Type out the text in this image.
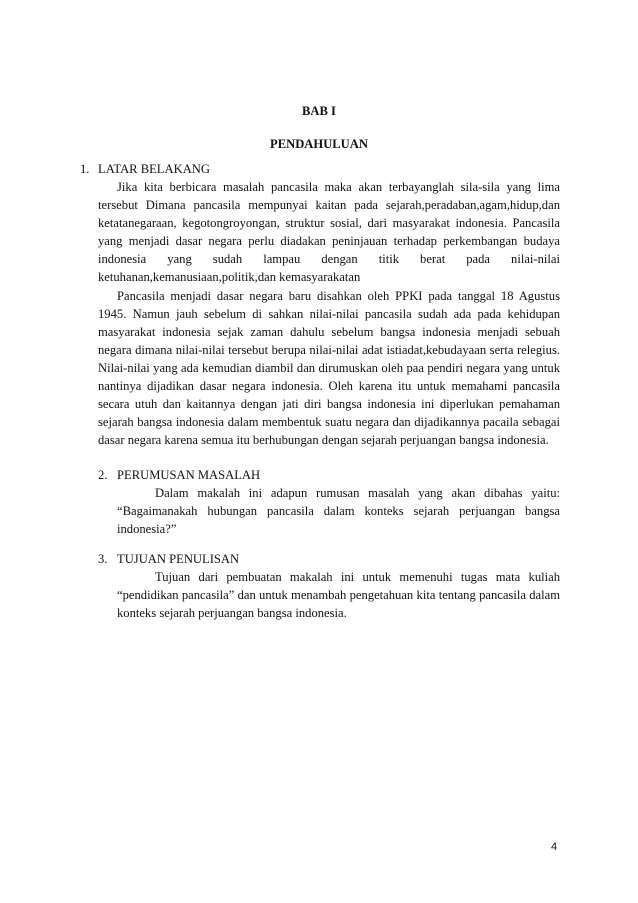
BAB I
PENDAHULUAN
1. LATAR BELAKANG

Jika kita berbicara masalah pancasila maka akan terbayanglah sila-sila yang lima tersebut Dimana pancasila mempunyai kaitan pada sejarah,peradaban,agam,hidup,dan ketatanegaraan, kegotongroyongan, struktur sosial, dari masyarakat indonesia. Pancasila yang menjadi dasar negara perlu diadakan peninjauan terhadap perkembangan budaya indonesia yang sudah lampau dengan titik berat pada nilai-nilai ketuhanan,kemanusiaan,politik,dan kemasyarakatan

Pancasila menjadi dasar negara baru disahkan oleh PPKI pada tanggal 18 Agustus 1945. Namun jauh sebelum di sahkan nilai-nilai pancasila sudah ada pada kehidupan masyarakat indonesia sejak zaman dahulu sebelum bangsa indonesia menjadi sebuah negara dimana nilai-nilai tersebut berupa nilai-nilai adat istiadat,kebudayaan serta relegius. Nilai-nilai yang ada kemudian diambil dan dirumuskan oleh paa pendiri negara yang untuk nantinya dijadikan dasar negara indonesia. Oleh karena itu untuk memahami pancasila secara utuh dan kaitannya dengan jati diri bangsa indonesia ini diperlukan pemahaman sejarah bangsa indonesia dalam membentuk suatu negara dan dijadikannya pacaila sebagai dasar negara karena semua itu berhubungan dengan sejarah perjuangan bangsa indonesia.

2. PERUMUSAN MASALAH

Dalam makalah ini adapun rumusan masalah yang akan dibahas yaitu: “Bagaimanakah hubungan pancasila dalam konteks sejarah perjuangan bangsa indonesia?”

3. TUJUAN PENULISAN

Tujuan dari pembuatan makalah ini untuk memenuhi tugas mata kuliah “pendidikan pancasila” dan untuk menambah pengetahuan kita tentang pancasila dalam konteks sejarah perjuangan bangsa indonesia.

4
